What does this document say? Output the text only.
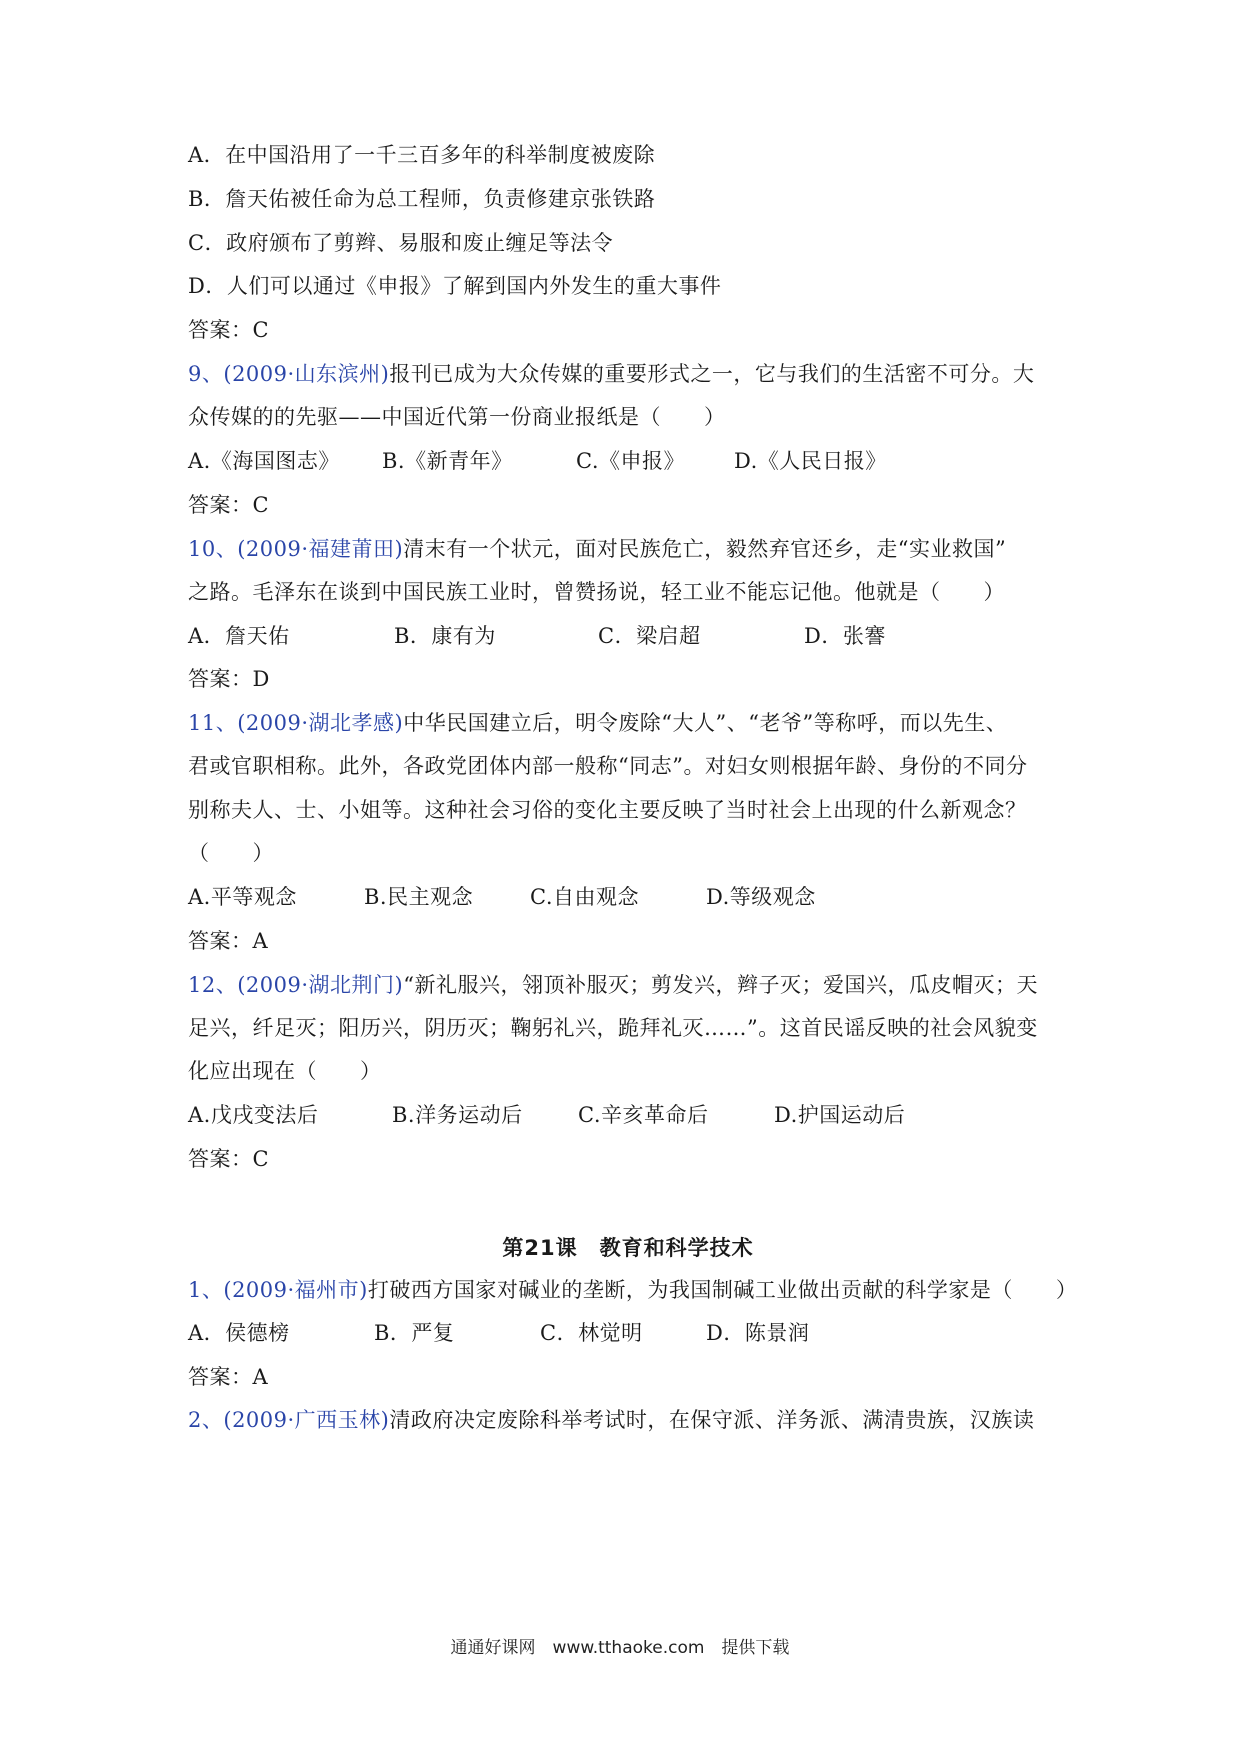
A．在中国沿用了一千三百多年的科举制度被废除
B．詹天佑被任命为总工程师，负责修建京张铁路
C．政府颁布了剪辫、易服和废止缠足等法令
D．人们可以通过《申报》了解到国内外发生的重大事件
答案：C
9、(2009·山东滨州)报刊已成为大众传媒的重要形式之一，它与我们的生活密不可分。大
众传媒的的先驱——中国近代第一份商业报纸是（　　）
A.《海国图志》 B.《新青年》	C.《申报》 D.《人民日报》
答案：C
10、(2009·福建莆田)清末有一个状元，面对民族危亡，毅然弃官还乡，走“实业救国”
之路。毛泽东在谈到中国民族工业时，曾赞扬说，轻工业不能忘记他。他就是（　　）
A．詹天佑	B．康有为	C．梁启超	D．张謇
答案：D
11、(2009·湖北孝感)中华民国建立后，明令废除“大人”、“老爷”等称呼，而以先生、
君或官职相称。此外，各政党团体内部一般称“同志”。对妇女则根据年龄、身份的不同分
别称夫人、士、小姐等。这种社会习俗的变化主要反映了当时社会上出现的什么新观念？
（　　）
A.平等观念	B.民主观念	C.自由观念	D.等级观念
答案：A
12、(2009·湖北荆门)“新礼服兴，翎顶补服灭；剪发兴，辫子灭；爱国兴，瓜皮帽灭；天
足兴，纤足灭；阳历兴，阴历灭；鞠躬礼兴，跪拜礼灭……”。这首民谣反映的社会风貌变
化应出现在（　　）
A.戊戌变法后	B.洋务运动后	C.辛亥革命后	D.护国运动后
答案：C
第21课　教育和科学技术
1、(2009·福州市)打破西方国家对碱业的垄断，为我国制碱工业做出贡献的科学家是（　　）
A．侯德榜	B．严复	C．林觉明	D．陈景润
答案：A
2、(2009·广西玉林)清政府决定废除科举考试时，在保守派、洋务派、满清贵族，汉族读
通通好课网　www.tthaoke.com　提供下载
